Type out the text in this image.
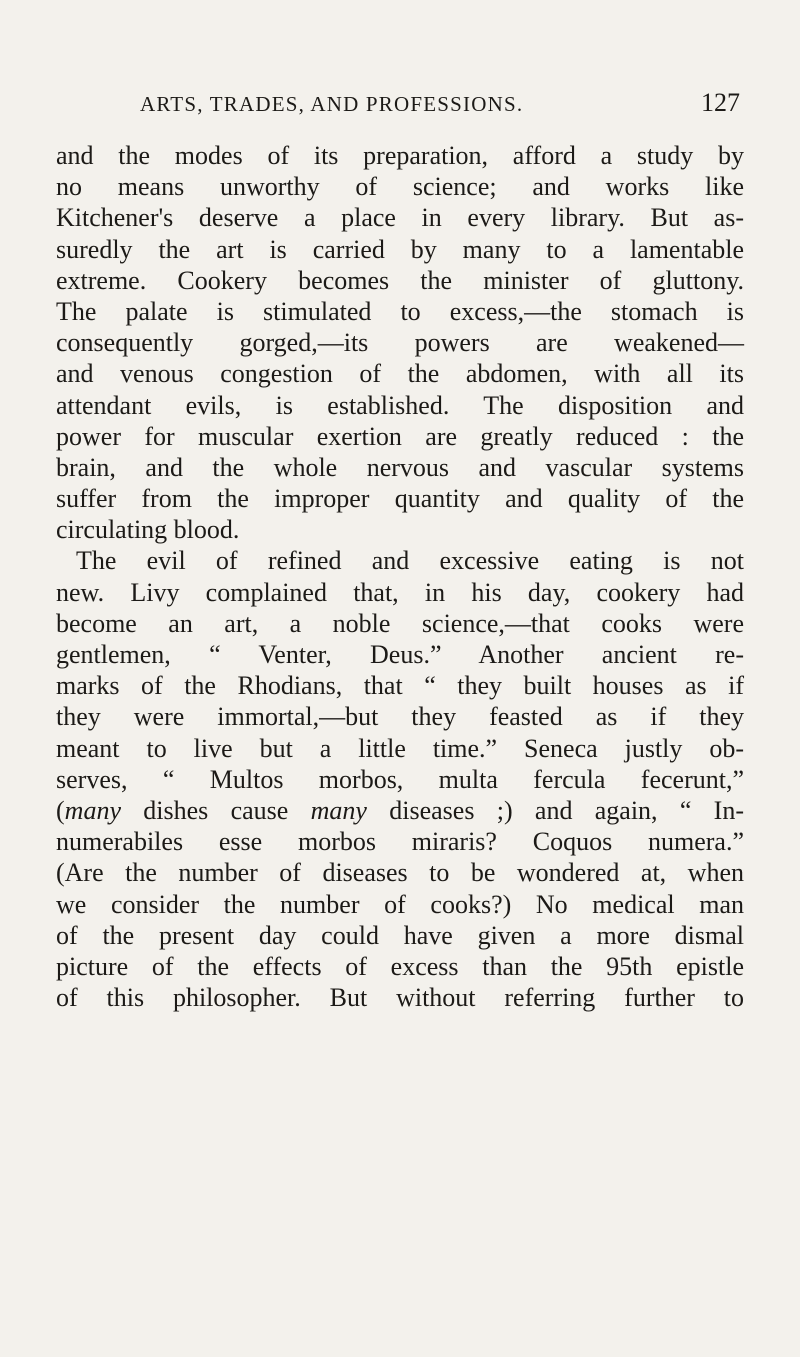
ARTS, TRADES, AND PROFESSIONS.	127
and the modes of its preparation, afford a study by
no means unworthy of science; and works like
Kitchener's deserve a place in every library. But as-
suredly the art is carried by many to a lamentable
extreme. Cookery becomes the minister of gluttony.
The palate is stimulated to excess,—the stomach is
consequently gorged,—its powers are weakened—
and venous congestion of the abdomen, with all its
attendant evils, is established. The disposition and
power for muscular exertion are greatly reduced : the
brain, and the whole nervous and vascular systems
suffer from the improper quantity and quality of the
circulating blood.
The evil of refined and excessive eating is not
new. Livy complained that, in his day, cookery had
become an art, a noble science,—that cooks were
gentlemen, “ Venter, Deus.” Another ancient re-
marks of the Rhodians, that “ they built houses as if
they were immortal,—but they feasted as if they
meant to live but a little time.” Seneca justly ob-
serves, “ Multos morbos, multa fercula fecerunt,”
(many dishes cause many diseases ;) and again, “ In-
numerabiles esse morbos miraris? Coquos numera.”
(Are the number of diseases to be wondered at, when
we consider the number of cooks?) No medical man
of the present day could have given a more dismal
picture of the effects of excess than the 95th epistle
of this philosopher. But without referring further to
